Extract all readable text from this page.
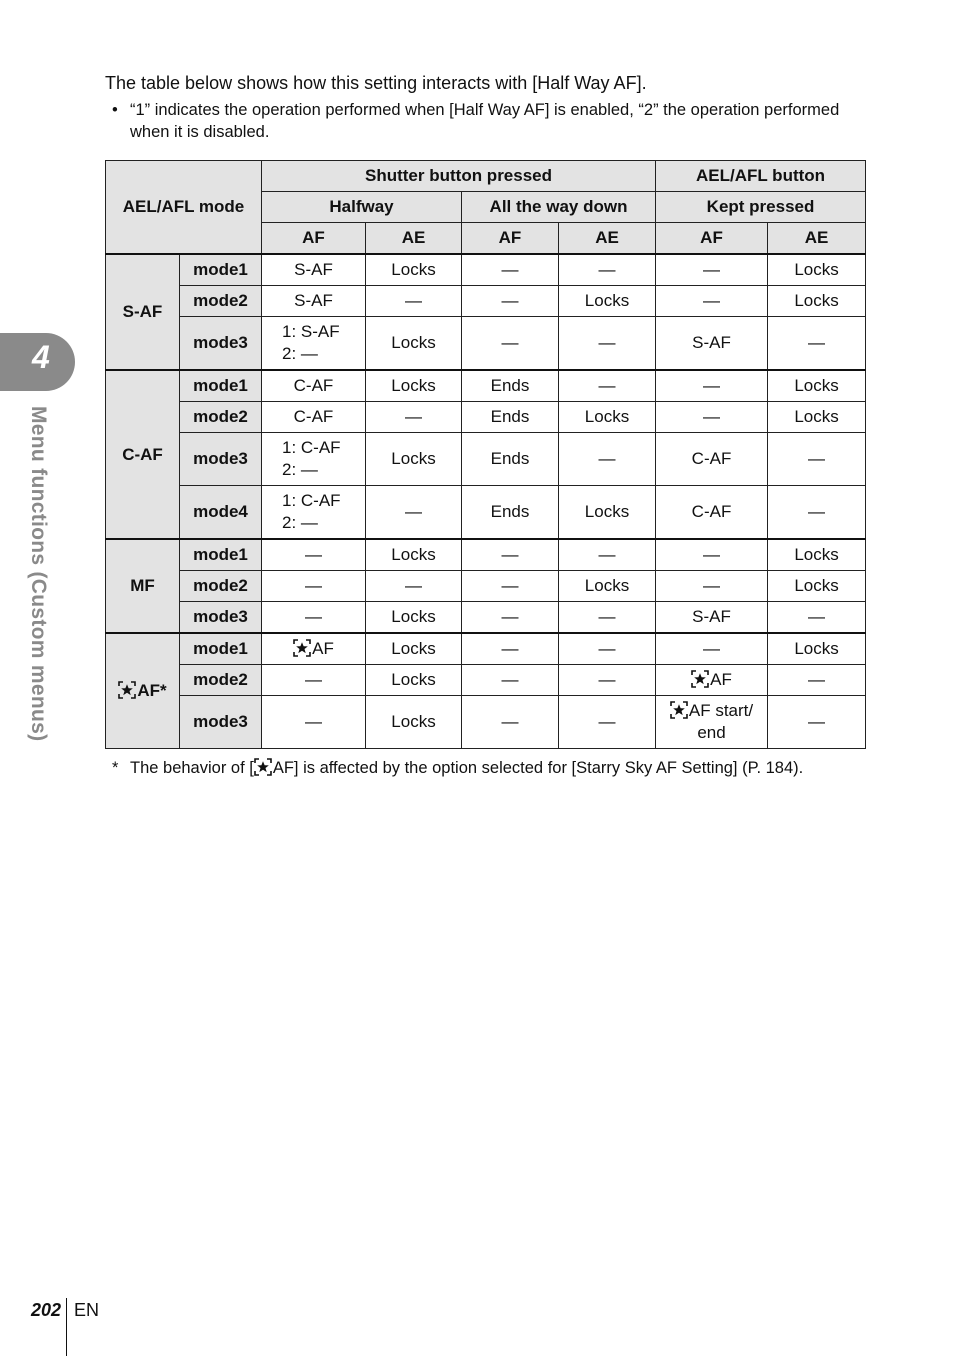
4
Menu functions (Custom menus)

The table below shows how this setting interacts with [Half Way AF].

• “1” indicates the operation performed when [Half Way AF] is enabled, “2” the operation performed when it is disabled.
AEL/AFL mode		Shutter button pressed				AEL/AFL button	
		Halfway		All the way down		Kept pressed	
		AF	AE	AF	AE	AF	AE
S-AF	mode1	S-AF	Locks	—	—	—	Locks
	mode2	S-AF	—	—	Locks	—	Locks
	mode3	1: S-AF
2: —	Locks	—	—	S-AF	—
C-AF	mode1	C-AF	Locks	Ends	—	—	Locks
	mode2	C-AF	—	Ends	Locks	—	Locks
	mode3	1: C-AF
2: —	Locks	Ends	—	C-AF	—
	mode4	1: C-AF
2: —	—	Ends	Locks	C-AF	—
MF	mode1	—	Locks	—	—	—	Locks
	mode2	—	—	—	Locks	—	Locks
	mode3	—	Locks	—	—	S-AF	—
AF*	mode1	AF	Locks	—	—	—	Locks
	mode2	—	Locks	—	—	AF	—
	mode3	—	Locks	—	—	AF start/
end	—
* The behavior of [ AF] is affected by the option selected for [Starry Sky AF Setting] (P. 184).
202 EN
